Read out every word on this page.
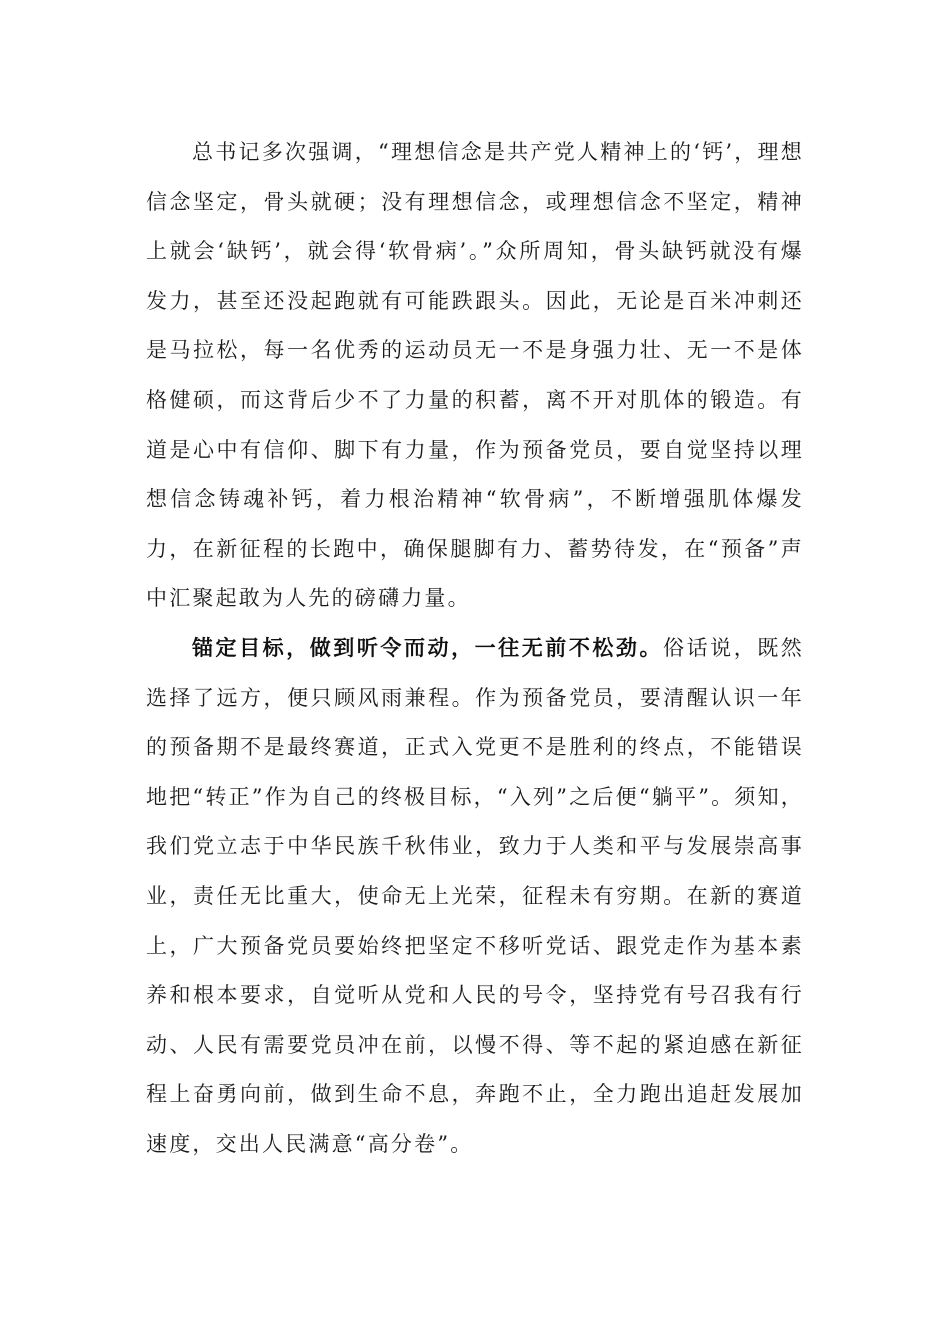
总书记多次强调，“理想信念是共产党人精神上的‘钙’，理想信念坚定，骨头就硬；没有理想信念，或理想信念不坚定，精神上就会‘缺钙’，就会得‘软骨病’。”众所周知，骨头缺钙就没有爆发力，甚至还没起跑就有可能跌跟头。因此，无论是百米冲刺还是马拉松，每一名优秀的运动员无一不是身强力壮、无一不是体格健硕，而这背后少不了力量的积蓄，离不开对肌体的锻造。有道是心中有信仰、脚下有力量，作为预备党员，要自觉坚持以理想信念铸魂补钙，着力根治精神“软骨病”，不断增强肌体爆发力，在新征程的长跑中，确保腿脚有力、蓄势待发，在“预备”声中汇聚起敢为人先的磅礴力量。

锚定目标，做到听令而动，一往无前不松劲。俗话说，既然选择了远方，便只顾风雨兼程。作为预备党员，要清醒认识一年的预备期不是最终赛道，正式入党更不是胜利的终点，不能错误地把“转正”作为自己的终极目标，“入列”之后便“躺平”。须知，我们党立志于中华民族千秋伟业，致力于人类和平与发展崇高事业，责任无比重大，使命无上光荣，征程未有穷期。在新的赛道上，广大预备党员要始终把坚定不移听党话、跟党走作为基本素养和根本要求，自觉听从党和人民的号令，坚持党有号召我有行动、人民有需要党员冲在前，以慢不得、等不起的紧迫感在新征程上奋勇向前，做到生命不息，奔跑不止，全力跑出追赶发展加速度，交出人民满意“高分卷”。
